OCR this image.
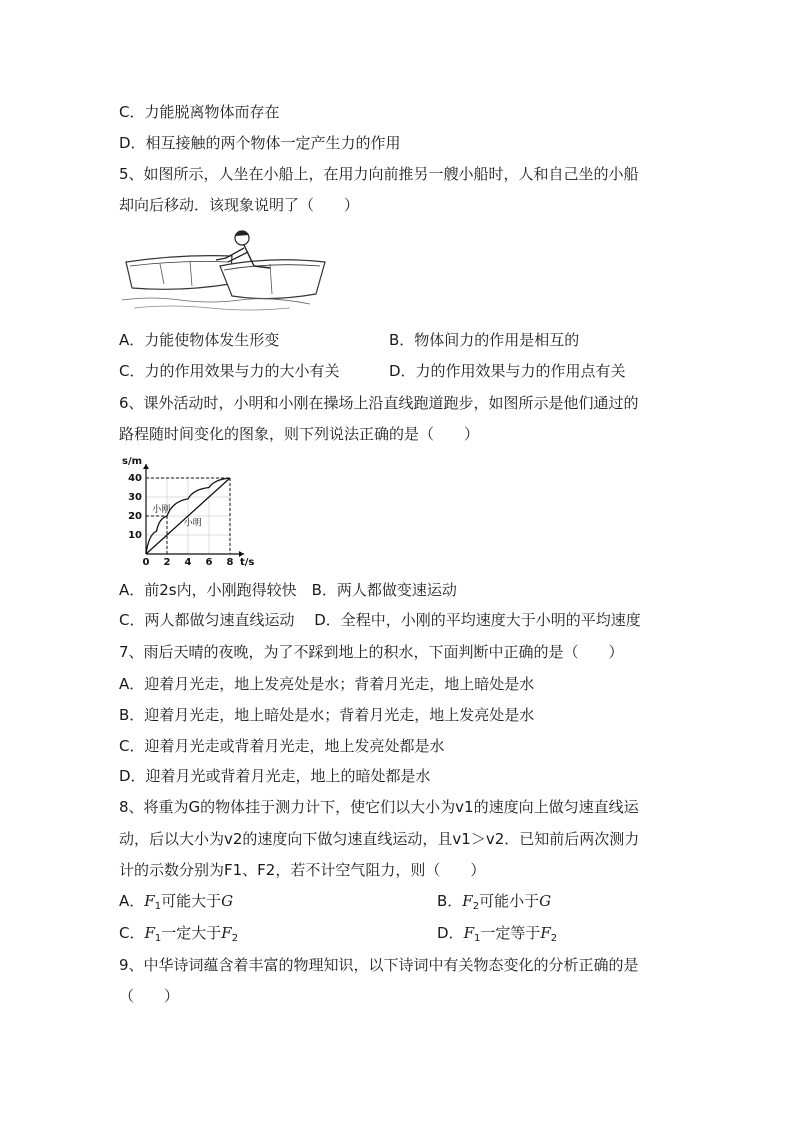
C．力能脱离物体而存在
D．相互接触的两个物体一定产生力的作用
5、如图所示，人坐在小船上，在用力向前推另一艘小船时，人和自己坐的小船
却向后移动．该现象说明了（　　）
A．力能使物体发生形变	B．物体间力的作用是相互的
C．力的作用效果与力的大小有关	D．力的作用效果与力的作用点有关
6、课外活动时，小明和小刚在操场上沿直线跑道跑步，如图所示是他们通过的
路程随时间变化的图象，则下列说法正确的是（　　）
0 2 4 6 8
10
20
30
40
s/m
t/s
小刚
小明
A．前2s内，小刚跑得较快　B．两人都做变速运动
C．两人都做匀速直线运动　 D．全程中，小刚的平均速度大于小明的平均速度
7、雨后天晴的夜晚，为了不踩到地上的积水，下面判断中正确的是（　　）
A．迎着月光走，地上发亮处是水；背着月光走，地上暗处是水
B．迎着月光走，地上暗处是水；背着月光走，地上发亮处是水
C．迎着月光走或背着月光走，地上发亮处都是水
D．迎着月光或背着月光走，地上的暗处都是水
8、将重为G的物体挂于测力计下，使它们以大小为v1的速度向上做匀速直线运
动，后以大小为v2的速度向下做匀速直线运动，且v1＞v2．已知前后两次测力
计的示数分别为F1、F2，若不计空气阻力，则（　　）
A．$F_1$可能大于G	B．$F_2$可能小于G
C．$F_1$一定大于$F_2$	D．$F_1$一定等于$F_2$
9、中华诗词蕴含着丰富的物理知识，以下诗词中有关物态变化的分析正确的是
（　　）
